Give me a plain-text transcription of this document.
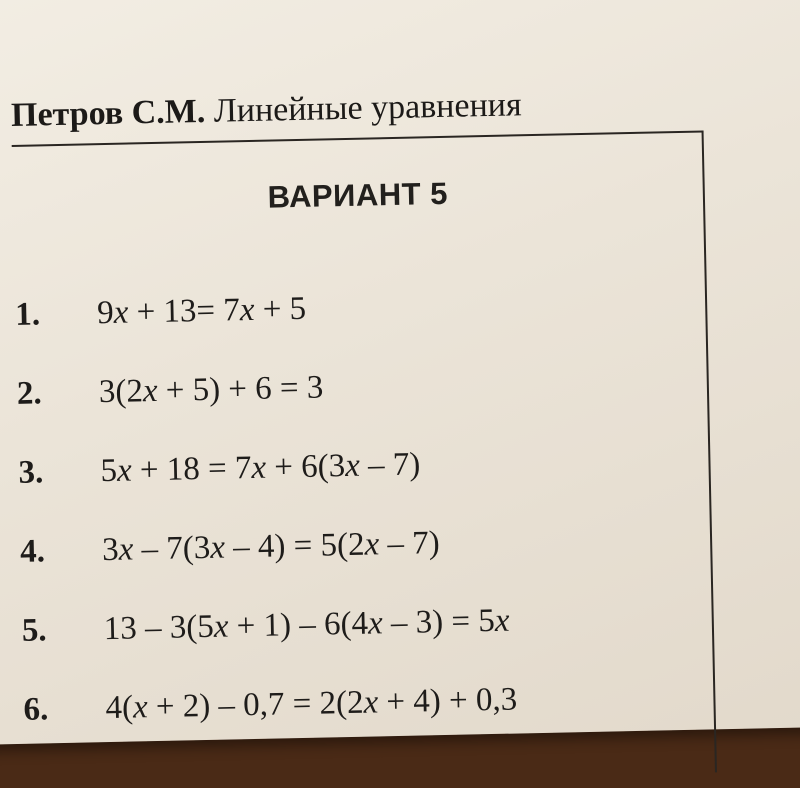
Петров С.М. Линейные уравнения

ВАРИАНТ 5
1.	9x + 13= 7x + 5
2.	3(2x + 5) + 6 = 3
3.	5x + 18 = 7x + 6(3x – 7)
4.	3x – 7(3x – 4) = 5(2x – 7)
5.	13 – 3(5x + 1) – 6(4x – 3) = 5x
6.	4(x + 2) – 0,7 = 2(2x + 4) + 0,3
